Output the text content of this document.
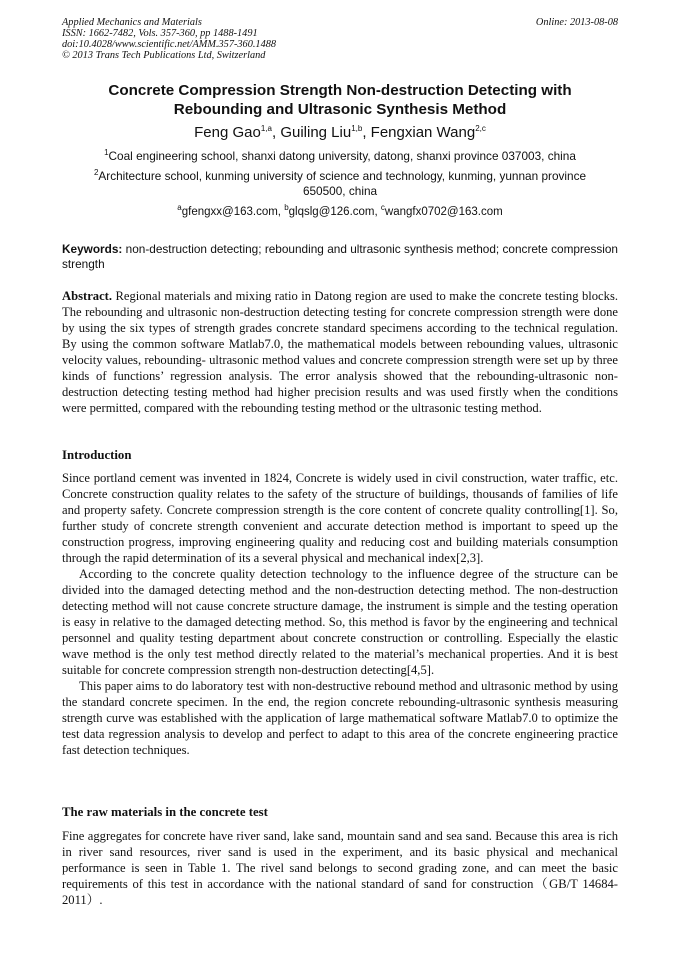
Applied Mechanics and Materials
ISSN: 1662-7482, Vols. 357-360, pp 1488-1491
doi:10.4028/www.scientific.net/AMM.357-360.1488
© 2013 Trans Tech Publications Ltd, Switzerland
Online: 2013-08-08
Concrete Compression Strength Non-destruction Detecting with
Rebounding and Ultrasonic Synthesis Method
Feng Gao$^{1,a}$, Guiling Liu$^{1,b}$, Fengxian Wang$^{2,c}$
$^1$Coal engineering school, shanxi datong university, datong, shanxi province 037003, china
$^2$Architecture school, kunming university of science and technology, kunming, yunnan province 650500, china
$^a$gfengxx@163.com, $^b$glqslg@126.com, $^c$wangfx0702@163.com

Keywords: non-destruction detecting; rebounding and ultrasonic synthesis method; concrete compression strength

Abstract. Regional materials and mixing ratio in Datong region are used to make the concrete testing blocks. The rebounding and ultrasonic non-destruction detecting testing for concrete compression strength were done by using the six types of strength grades concrete standard specimens according to the technical regulation. By using the common software Matlab7.0, the mathematical models between rebounding values, ultrasonic velocity values, rebounding- ultrasonic method values and concrete compression strength were set up by three kinds of functions’ regression analysis. The error analysis showed that the rebounding-ultrasonic non-destruction detecting testing method had higher precision results and was used firstly when the conditions were permitted, compared with the rebounding testing method or the ultrasonic testing method.

Introduction

Since portland cement was invented in 1824, Concrete is widely used in civil construction, water traffic, etc. Concrete construction quality relates to the safety of the structure of buildings, thousands of families of life and property safety. Concrete compression strength is the core content of concrete quality controlling[1]. So, further study of concrete strength convenient and accurate detection method is important to speed up the construction progress, improving engineering quality and reducing cost and building materials consumption through the rapid determination of its a several physical and mechanical index[2,3].

According to the concrete quality detection technology to the influence degree of the structure can be divided into the damaged detecting method and the non-destruction detecting method. The non-destruction detecting method will not cause concrete structure damage, the instrument is simple and the testing operation is easy in relative to the damaged detecting method. So, this method is favor by the engineering and technical personnel and quality testing department about concrete construction or controlling. Especially the elastic wave method is the only test method directly related to the material’s mechanical properties. And it is best suitable for concrete compression strength non-destruction detecting[4,5].

This paper aims to do laboratory test with non-destructive rebound method and ultrasonic method by using the standard concrete specimen. In the end, the region concrete rebounding-ultrasonic synthesis measuring strength curve was established with the application of large mathematical software Matlab7.0 to optimize the test data regression analysis to develop and perfect to adapt to this area of the concrete engineering practice fast detection techniques.

The raw materials in the concrete test

Fine aggregates for concrete have river sand, lake sand, mountain sand and sea sand. Because this area is rich in river sand resources, river sand is used in the experiment, and its basic physical and mechanical performance is seen in Table 1. The rivel sand belongs to second grading zone, and can meet the basic requirements of this test in accordance with the national standard of sand for construction（GB/T 14684-2011）.
